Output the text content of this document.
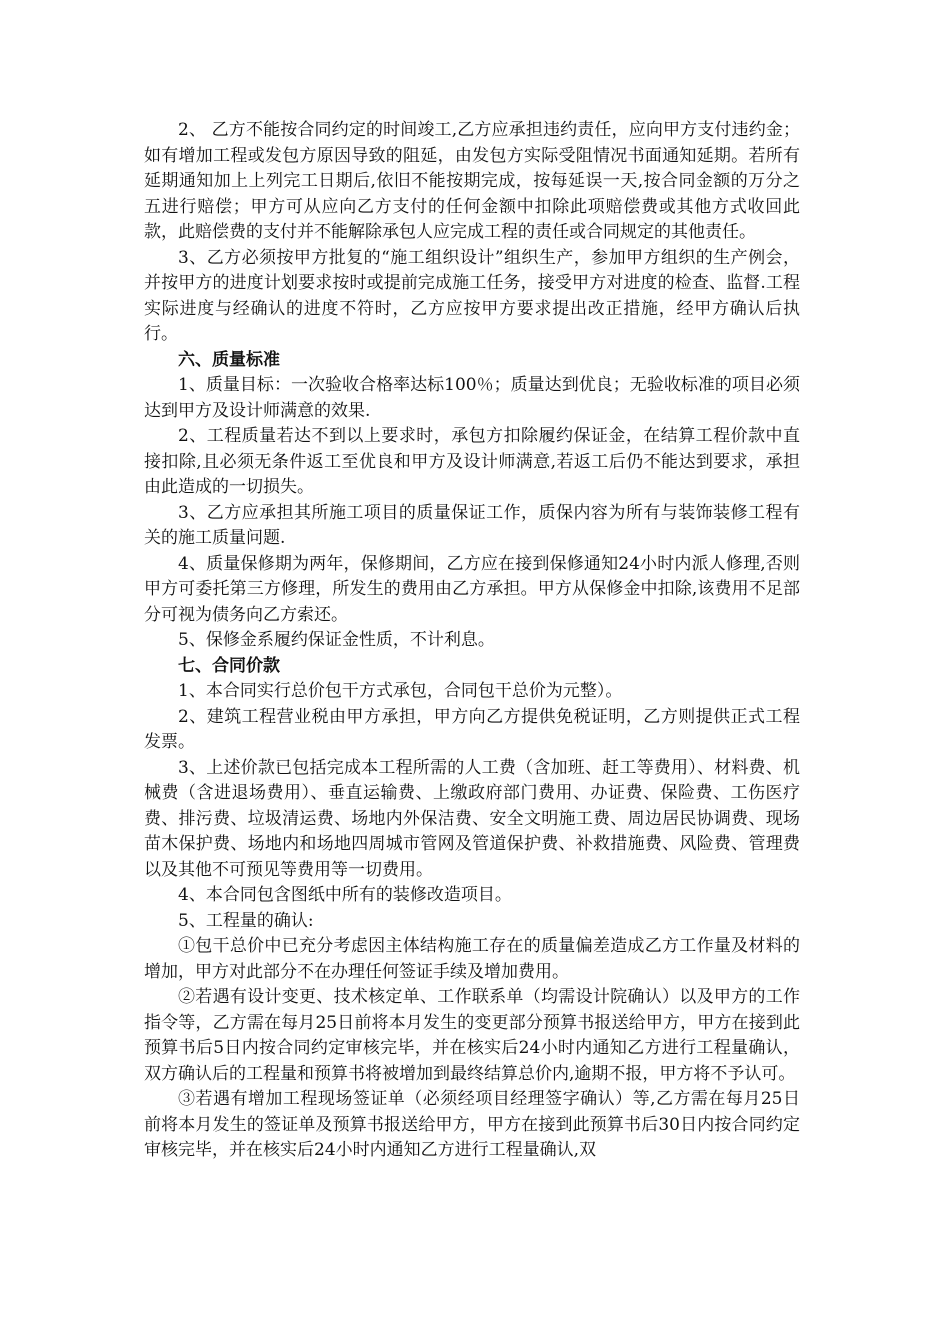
2、 乙方不能按合同约定的时间竣工,乙方应承担违约责任，应向甲方支付违约金；如有增加工程或发包方原因导致的阻延，由发包方实际受阻情况书面通知延期。若所有延期通知加上上列完工日期后,依旧不能按期完成，按每延误一天,按合同金额的万分之五进行赔偿；甲方可从应向乙方支付的任何金额中扣除此项赔偿费或其他方式收回此款，此赔偿费的支付并不能解除承包人应完成工程的责任或合同规定的其他责任。

3、乙方必须按甲方批复的“施工组织设计”组织生产，参加甲方组织的生产例会，并按甲方的进度计划要求按时或提前完成施工任务，接受甲方对进度的检查、监督.工程实际进度与经确认的进度不符时，乙方应按甲方要求提出改正措施，经甲方确认后执行。

六、质量标准

1、质量目标：一次验收合格率达标100％；质量达到优良；无验收标准的项目必须达到甲方及设计师满意的效果.

2、工程质量若达不到以上要求时，承包方扣除履约保证金，在结算工程价款中直接扣除,且必须无条件返工至优良和甲方及设计师满意,若返工后仍不能达到要求，承担由此造成的一切损失。

3、乙方应承担其所施工项目的质量保证工作，质保内容为所有与装饰装修工程有关的施工质量问题.

4、质量保修期为两年，保修期间，乙方应在接到保修通知24小时内派人修理,否则甲方可委托第三方修理，所发生的费用由乙方承担。甲方从保修金中扣除,该费用不足部分可视为债务向乙方索还。

5、保修金系履约保证金性质，不计利息。

七、合同价款

1、本合同实行总价包干方式承包，合同包干总价为元整）。

2、建筑工程营业税由甲方承担，甲方向乙方提供免税证明，乙方则提供正式工程发票。

3、上述价款已包括完成本工程所需的人工费（含加班、赶工等费用）、材料费、机械费（含进退场费用）、垂直运输费、上缴政府部门费用、办证费、保险费、工伤医疗费、排污费、垃圾清运费、场地内外保洁费、安全文明施工费、周边居民协调费、现场苗木保护费、场地内和场地四周城市管网及管道保护费、补救措施费、风险费、管理费以及其他不可预见等费用等一切费用。

4、本合同包含图纸中所有的装修改造项目。

5、工程量的确认:

①包干总价中已充分考虑因主体结构施工存在的质量偏差造成乙方工作量及材料的增加，甲方对此部分不在办理任何签证手续及增加费用。

②若遇有设计变更、技术核定单、工作联系单（均需设计院确认）以及甲方的工作指令等，乙方需在每月25日前将本月发生的变更部分预算书报送给甲方，甲方在接到此预算书后5日内按合同约定审核完毕，并在核实后24小时内通知乙方进行工程量确认，双方确认后的工程量和预算书将被增加到最终结算总价内,逾期不报，甲方将不予认可。

③若遇有增加工程现场签证单（必须经项目经理签字确认）等,乙方需在每月25日前将本月发生的签证单及预算书报送给甲方，甲方在接到此预算书后30日内按合同约定审核完毕，并在核实后24小时内通知乙方进行工程量确认,双
